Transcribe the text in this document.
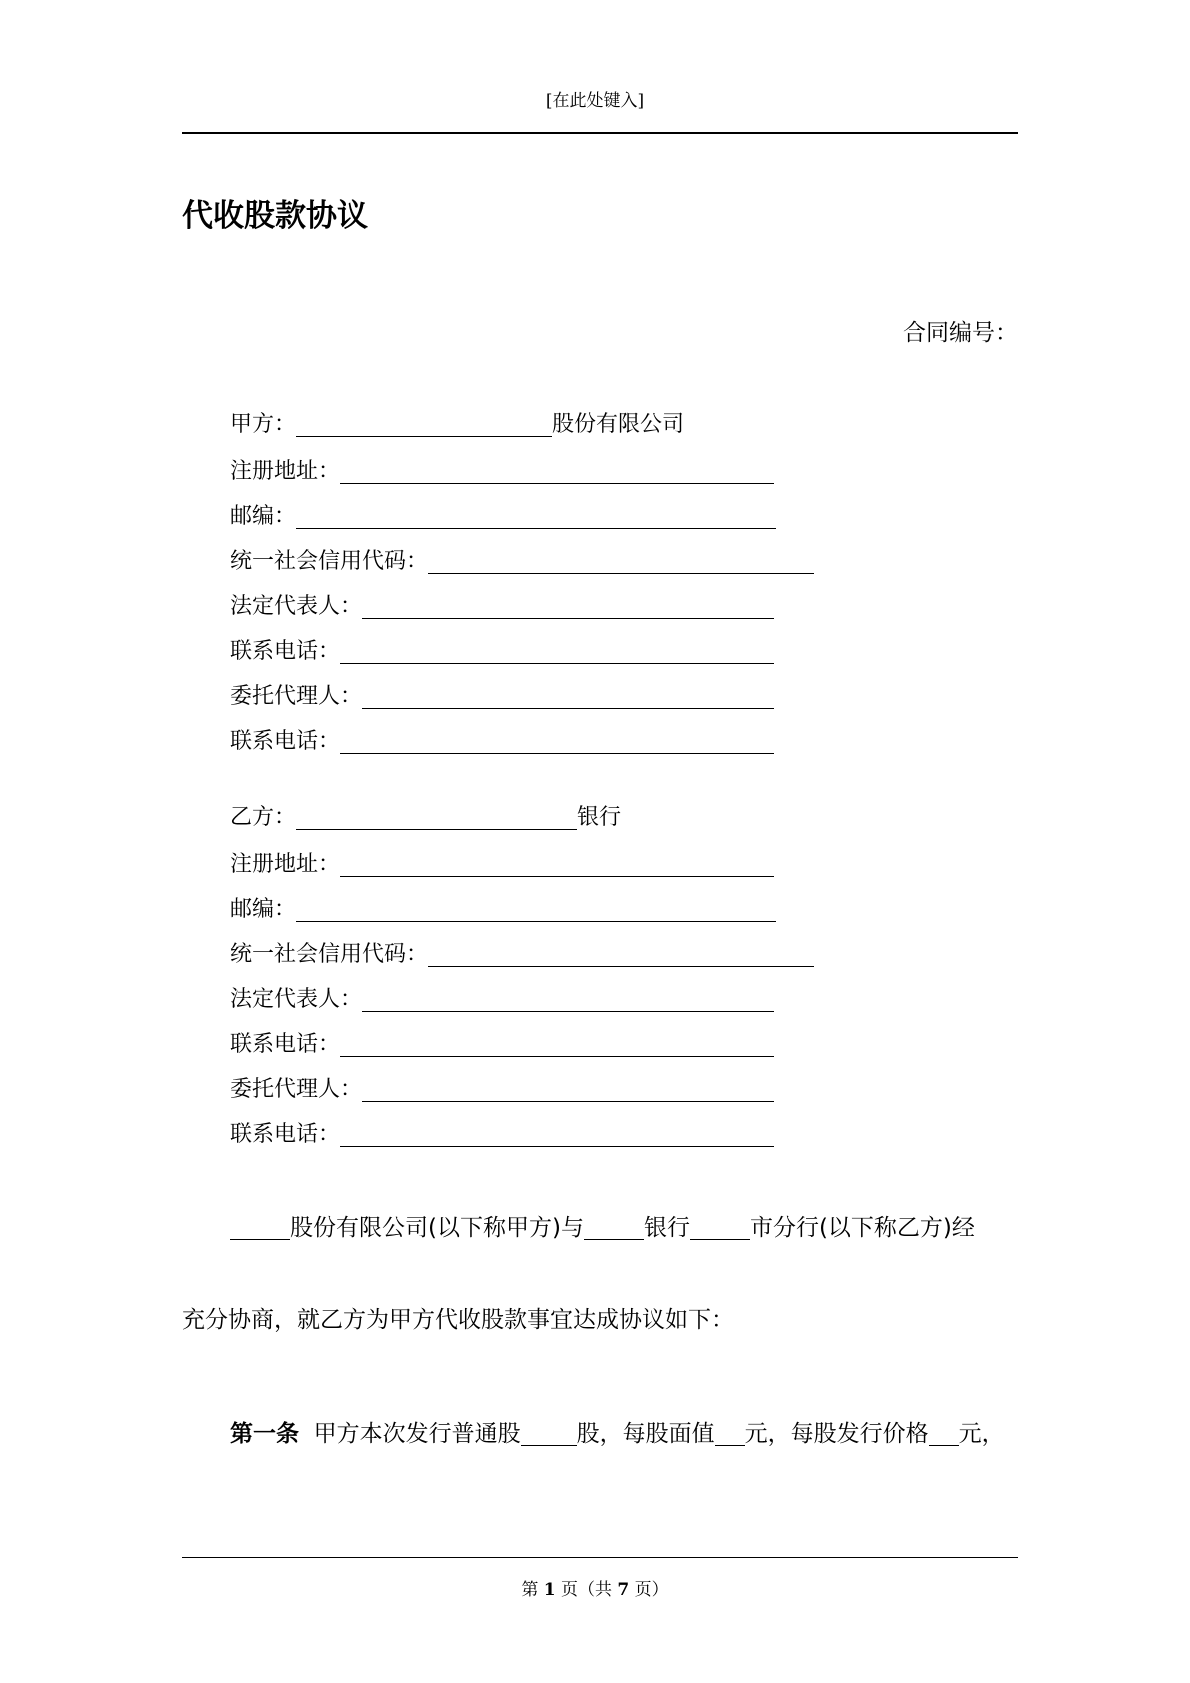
[在此处键入]
代收股款协议
合同编号：
甲方：	股份有限公司
注册地址：
邮编：
统一社会信用代码：
法定代表人：
联系电话：
委托代理人：
联系电话：
乙方：	银行
注册地址：
邮编：
统一社会信用代码：
法定代表人：
联系电话：
委托代理人：
联系电话：
股份有限公司(以下称甲方)与	银行	市分行(以下称乙方)经
充分协商，就乙方为甲方代收股款事宜达成协议如下：
第一条 甲方本次发行普通股 股，每股面值 元，每股发行价格 元，
第 1 页（共 7 页）
